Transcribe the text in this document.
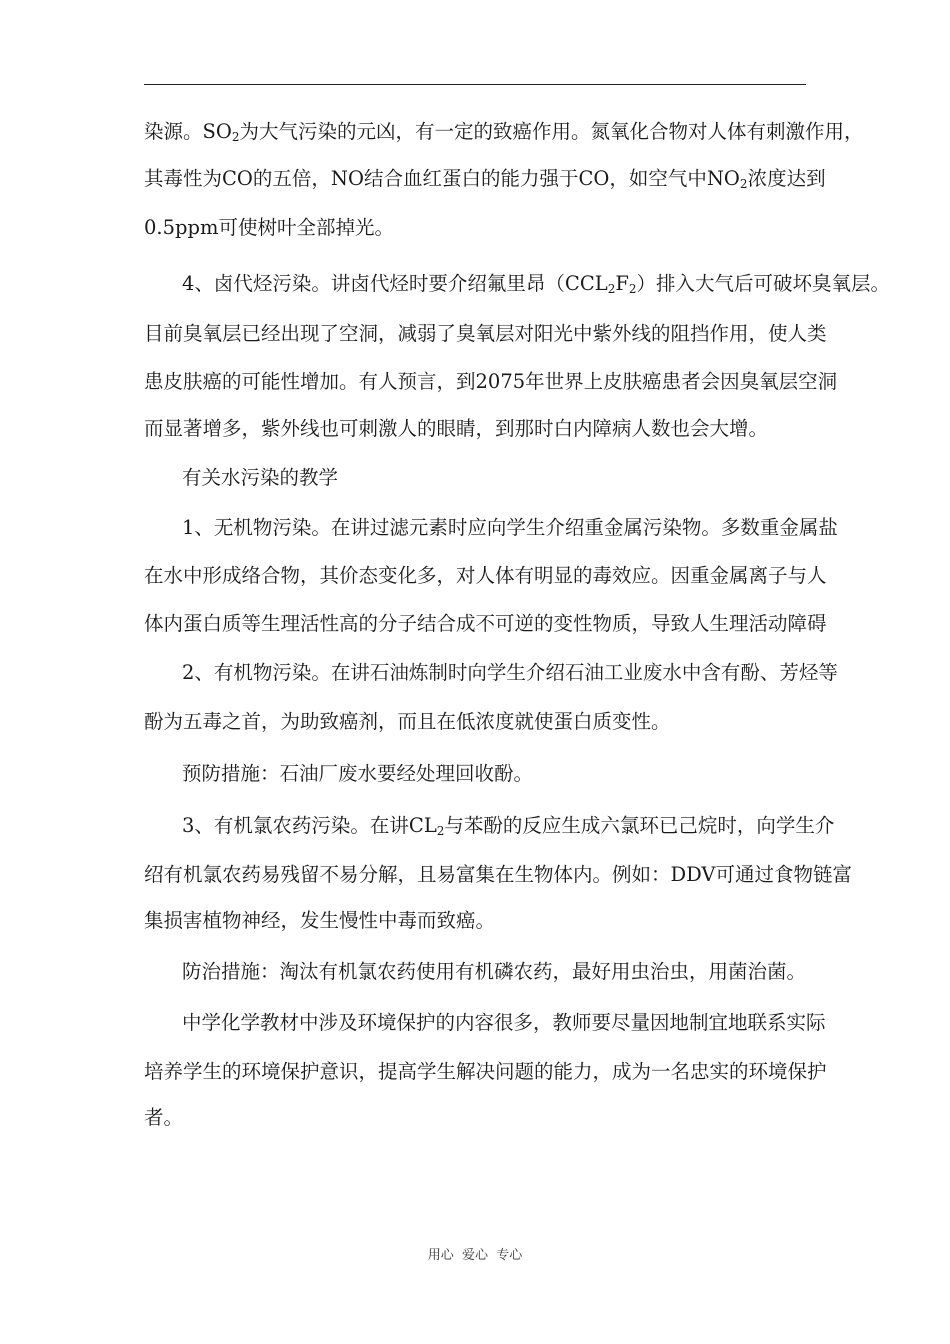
染源。$SO_2$为大气污染的元凶，有一定的致癌作用。氮氧化合物对人体有刺激作用，
其毒性为CO的五倍，NO结合血红蛋白的能力强于CO，如空气中$NO_2$浓度达到
0.5ppm可使树叶全部掉光。
4、卤代烃污染。讲卤代烃时要介绍氟里昂$(CCL_2F_2)$排入大气后可破坏臭氧层。
目前臭氧层已经出现了空洞，减弱了臭氧层对阳光中紫外线的阻挡作用，使人类
患皮肤癌的可能性增加。有人预言，到2075年世界上皮肤癌患者会因臭氧层空洞
而显著增多，紫外线也可刺激人的眼睛，到那时白内障病人数也会大增。
有关水污染的教学
1、无机物污染。在讲过滤元素时应向学生介绍重金属污染物。多数重金属盐
在水中形成络合物，其价态变化多，对人体有明显的毒效应。因重金属离子与人
体内蛋白质等生理活性高的分子结合成不可逆的变性物质，导致人生理活动障碍
2、有机物污染。在讲石油炼制时向学生介绍石油工业废水中含有酚、芳烃等
酚为五毒之首，为助致癌剂，而且在低浓度就使蛋白质变性。
预防措施：石油厂废水要经处理回收酚。
3、有机氯农药污染。在讲$CL_2$与苯酚的反应生成六氯环已己烷时，向学生介
绍有机氯农药易残留不易分解，且易富集在生物体内。例如：DDV可通过食物链富
集损害植物神经，发生慢性中毒而致癌。
防治措施：淘汰有机氯农药使用有机磷农药，最好用虫治虫，用菌治菌。
中学化学教材中涉及环境保护的内容很多，教师要尽量因地制宜地联系实际
培养学生的环境保护意识，提高学生解决问题的能力，成为一名忠实的环境保护
者。
用心  爱心  专心
